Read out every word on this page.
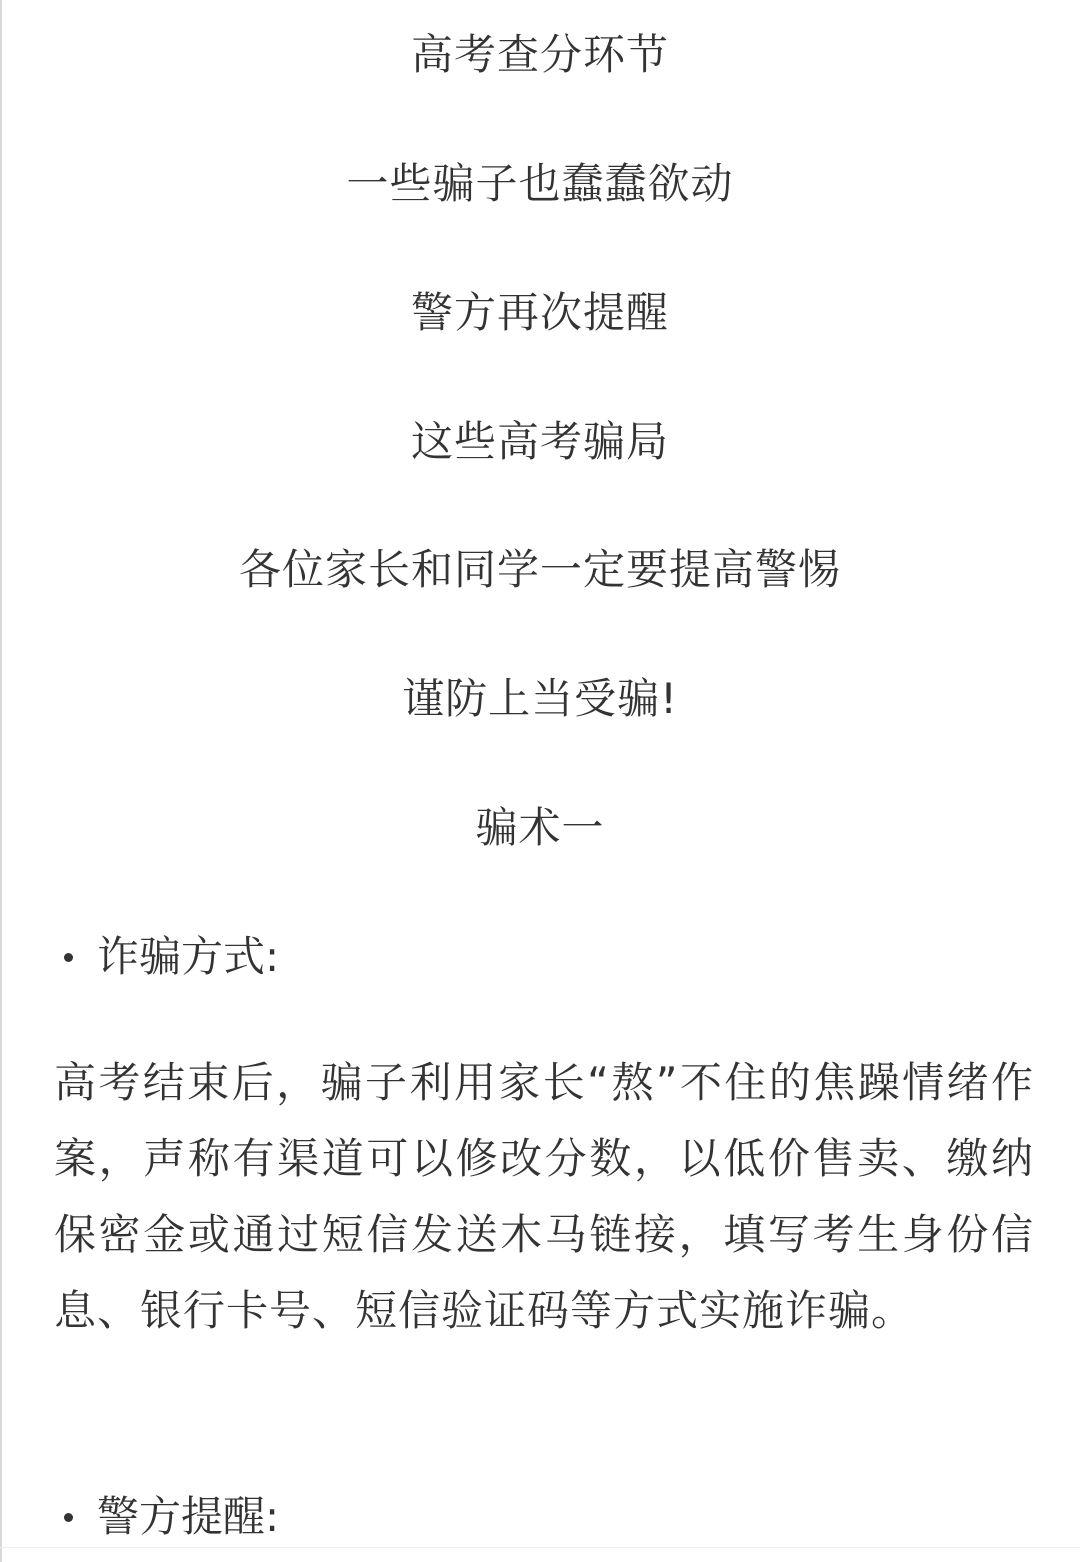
高考查分环节
一些骗子也蠢蠢欲动
警方再次提醒
这些高考骗局
各位家长和同学一定要提高警惕
谨防上当受骗!
骗术一
诈骗方式:
高考结束后，骗子利用家长“熬”不住的焦躁情绪作案，声称有渠道可以修改分数，以低价售卖、缴纳保密金或通过短信发送木马链接，填写考生身份信息、银行卡号、短信验证码等方式实施诈骗。
警方提醒:
